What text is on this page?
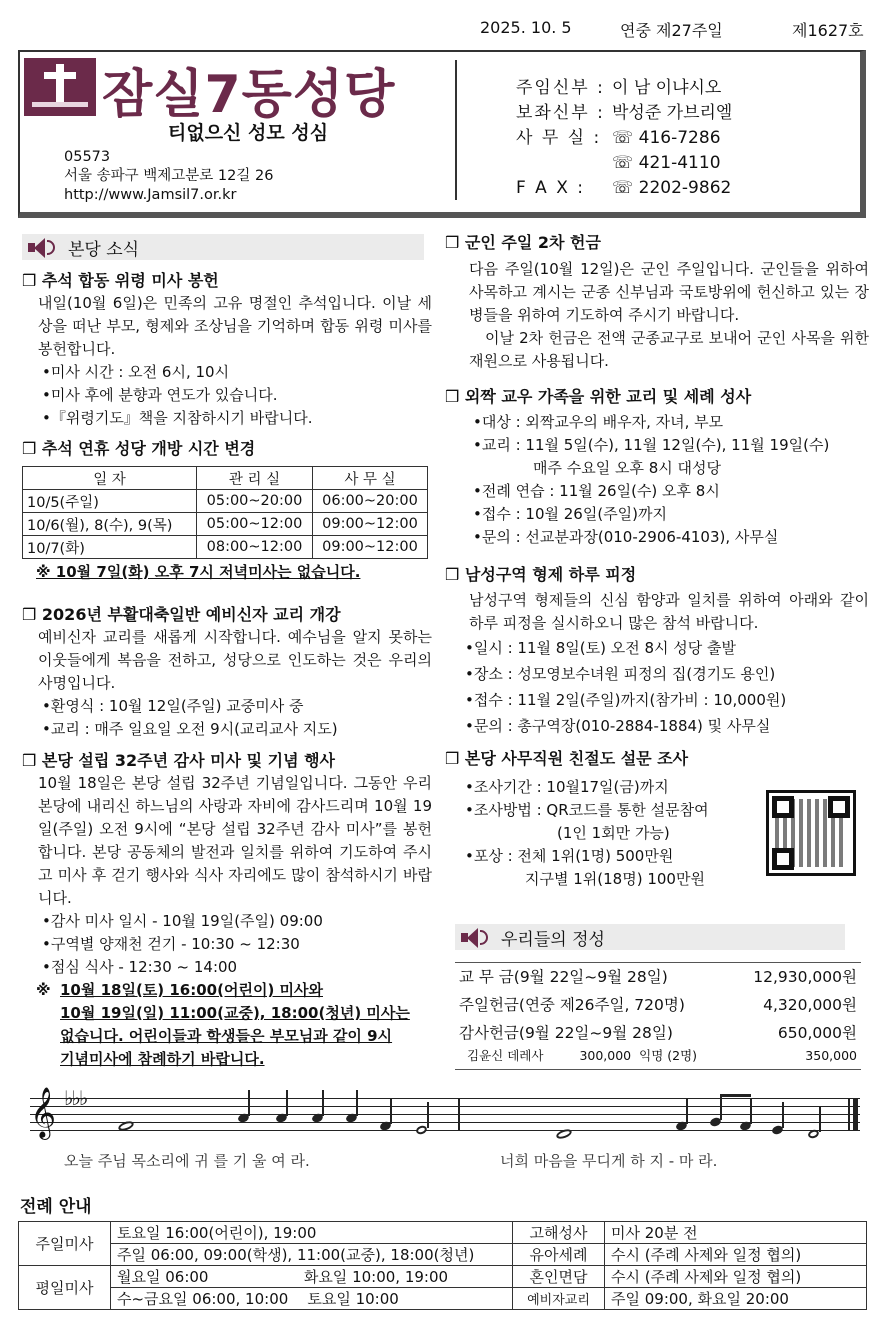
2025. 10. 5	연중 제27주일	제1627호
잠실7동성당
티없으신 성모 성심
05573
서울 송파구 백제고분로 12길 26
http://www.Jamsil7.or.kr
주임신부 : 이 남 이냐시오
보좌신부 : 박성준 가브리엘
사 무 실 : ☏ 416-7286
☏ 421-4110
F A X :	☏ 2202-9862
본당 소식
❒ 추석 합동 위령 미사 봉헌
내일(10월 6일)은 민족의 고유 명절인 추석입니다. 이날 세상을 떠난 부모, 형제와 조상님을 기억하며 합동 위령 미사를 봉헌합니다.
•미사 시간 : 오전 6시, 10시
•미사 후에 분향과 연도가 있습니다.
•『위령기도』책을 지참하시기 바랍니다.
❒ 추석 연휴 성당 개방 시간 변경
일 자	관 리 실	사 무 실
10/5(주일)	05:00~20:00	06:00~20:00
10/6(월), 8(수), 9(목)	05:00~12:00	09:00~12:00
10/7(화)	08:00~12:00	09:00~12:00
※ 10월 7일(화) 오후 7시 저녁미사는 없습니다.
❒ 2026년 부활대축일반 예비신자 교리 개강
예비신자 교리를 새롭게 시작합니다. 예수님을 알지 못하는 이웃들에게 복음을 전하고, 성당으로 인도하는 것은 우리의 사명입니다.
•환영식 : 10월 12일(주일) 교중미사 중
•교리 : 매주 일요일 오전 9시(교리교사 지도)
❒ 본당 설립 32주년 감사 미사 및 기념 행사
10월 18일은 본당 설립 32주년 기념일입니다. 그동안 우리 본당에 내리신 하느님의 사랑과 자비에 감사드리며 10월 19일(주일) 오전 9시에 “본당 설립 32주년 감사 미사”를 봉헌합니다. 본당 공동체의 발전과 일치를 위하여 기도하여 주시고 미사 후 걷기 행사와 식사 자리에도 많이 참석하시기 바랍니다.
•감사 미사 일시 - 10월 19일(주일) 09:00
•구역별 양재천 걷기 - 10:30 ~ 12:30
•점심 식사 - 12:30 ~ 14:00
※ 10월 18일(토) 16:00(어린이) 미사와
10월 19일(일) 11:00(교중), 18:00(청년) 미사는
없습니다. 어린이들과 학생들은 부모님과 같이 9시
기념미사에 참례하기 바랍니다.
❒ 군인 주일 2차 헌금
다음 주일(10월 12일)은 군인 주일입니다. 군인들을 위하여 사목하고 계시는 군종 신부님과 국토방위에 헌신하고 있는 장병들을 위하여 기도하여 주시기 바랍니다.
이날 2차 헌금은 전액 군종교구로 보내어 군인 사목을 위한 재원으로 사용됩니다.
❒ 외짝 교우 가족을 위한 교리 및 세례 성사
•대상 : 외짝교우의 배우자, 자녀, 부모
•교리 : 11월 5일(수), 11월 12일(수), 11월 19일(수)
매주 수요일 오후 8시 대성당
•전례 연습 : 11월 26일(수) 오후 8시
•접수 : 10월 26일(주일)까지
•문의 : 선교분과장(010-2906-4103), 사무실
❒ 남성구역 형제 하루 피정
남성구역 형제들의 신심 함양과 일치를 위하여 아래와 같이 하루 피정을 실시하오니 많은 참석 바랍니다.
•일시 : 11월 8일(토) 오전 8시 성당 출발
•장소 : 성모영보수녀원 피정의 집(경기도 용인)
•접수 : 11월 2일(주일)까지(참가비 : 10,000원)
•문의 : 총구역장(010-2884-1884) 및 사무실
❒ 본당 사무직원 친절도 설문 조사
•조사기간 : 10월17일(금)까지
•조사방법 : QR코드를 통한 설문참여
(1인 1회만 가능)
•포상 : 전체 1위(1명) 500만원
지구별 1위(18명) 100만원
우리들의 정성
교 무 금(9월 22일~9월 28일)	12,930,000원
주일헌금(연중 제26주일, 720명)	4,320,000원
감사헌금(9월 22일~9월 28일)	650,000원
김윤신 데레사	300,000 익명 (2명)	350,000
𝄞 ♭♭♭
오늘 주님 목소리에 귀 를 기 울 여 라.	너희 마음을 무디게 하 지 - 마 라.
전례 안내
주일미사	토요일 16:00(어린이), 19:00	고해성사	미사 20분 전
	주일 06:00, 09:00(학생), 11:00(교중), 18:00(청년)	유아세례	수시 (주례 사제와 일정 협의)
평일미사	월요일 06:00                    화요일 10:00, 19:00	혼인면담	수시 (주례 사제와 일정 협의)
	수~금요일 06:00, 10:00    토요일 10:00	예비자교리	주일 09:00, 화요일 20:00
